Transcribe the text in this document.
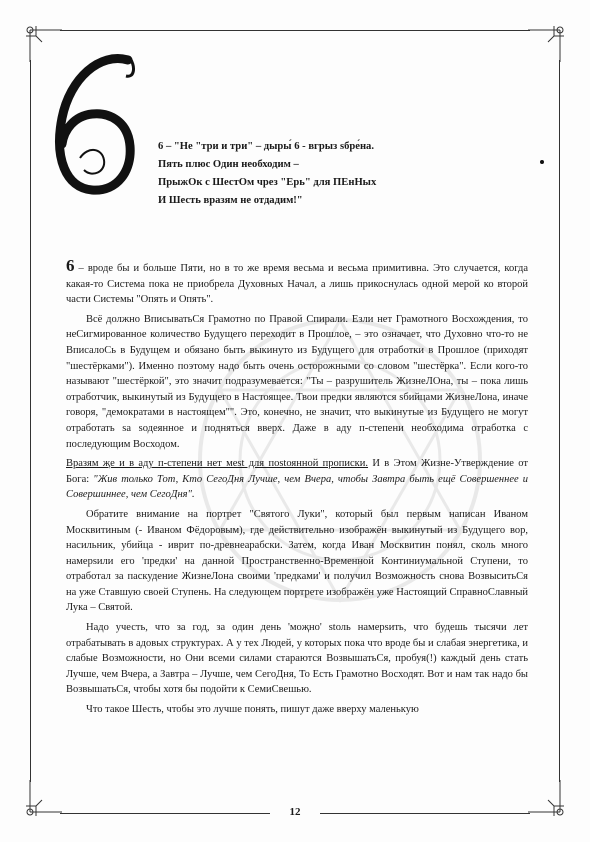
6 – "Не "три и три" – дыры́ 6 - вгрыз sбре́на.
Пять плюс Один необходим –
ПрыжОк с ШестОм чрез "Ерь" для ПЕнНых
И Шесть вразям не отдадим!"

6 – вроде бы и больше Пяти, но в то же время весьма и весьма примитивна. Это случается, когда какая-то Система пока не приобрела Духовных Начал, а лишь прикоснулась одной мерой ко второй части Системы "Опять и Опять".

Всё должно ВписыватьСя Грамотно по Правой Спирали. Eзли нет Грамотного Восхождения, то неСигмированное количество Будущего переходит в Прошлое, – это означает, что Духовно что-то не ВписалоСь в Будущем и обязано быть выкинуто из Будущего для отработки в Прошлое (приходят "шестёрками"). Именно поэтому надо быть очень осторожными со словом "шестёрка". Если кого-то называют "шестёркой", это значит подразумевается: "Ты – разрушитель ЖизнеЛОна, ты – пока лишь отработчик, выкинутый из Будущего в Настоящее. Твои предки являются sбийцами ЖизнеЛона, иначе говоря, "демократами в настоящем"". Это, конечно, не значит, что выкинутые из Будущего не могут отработать sа sодеянное и подняться вверх. Даже в аду п-степени необходима отработка с последующим Восходом.

Вразям җе и в аду п-степени нет меst для поstоянной прописки. И в Этом Жизне-Утверждение от Бога: "Жив только Тот, Кто СегоДня Лучше, чем Вчера, чтобы Завтра быть ещё Совершеннее и Совершиннее, чем СегоДня".

Обратите внимание на портрет "Святого Луки", который был первым написан Иваном Москвитиным (- Иваном Фёдоровым), где действительно изображён выкинутый из Будущего вор, насильник, убийца - иврит по-древнеарабски. Затем, когда Иван Москвитин понял, сколь много намерsили его 'предки' на данной Пространственно-Временной Континиумальной Ступени, то отработал за паскудение ЖизнеЛона своими 'предками' и получил Возможность снова ВозвыситьСя на уже Ставшую своей Ступень. На следующем портрете изображён уже Настоящий СправноСлавный Лука – Святой.

Надо учесть, что за год, за один день 'моҗно' stоль намерsить, что будешь тысячи лет отрабатывать в адовых структурах. А у тех Людей, у которых пока что вроде бы и слабая энергетика, и слабые Возможности, но Они всеми силами стараются ВозвышатьСя, пробуя(!) каждый день стать Лучше, чем Вчера, а Завтра – Лучше, чем СегоДня, То Есть Грамотно Восходят. Вот и нам так надо бы ВозвышатьСя, чтобы хотя бы подойти к СемиСвешью.

Что такое Шесть, чтобы это лучше понять, пишут даже вверху маленькую

12
